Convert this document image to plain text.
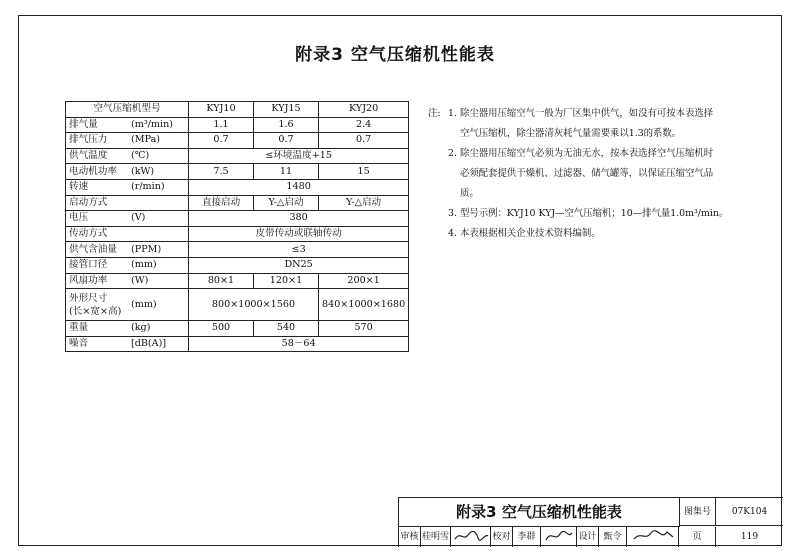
附录3 空气压缩机性能表
空气压缩机型号		KYJ10	KYJ15	KYJ20
排气量	(m³/min)	1.1	1.6	2.4
排气压力	(MPa)	0.7	0.7	0.7
供气温度	(℃)	≤环境温度+15		
电动机功率	(kW)	7.5	11	15
转速	(r/min)	1480		
启动方式		直接启动	Y-△启动	Y-△启动
电压	(V)	380		
传动方式		皮带传动或联轴传动		
供气含油量	(PPM)	≤3		
接管口径	(mm)	DN25		
风扇功率	(W)	80×1	120×1	200×1

外形尺寸
(长×宽×高)	(mm)	800×1000×1560		840×1000×1680
重量	(kg)	500	540	570
噪音	[dB(A)]	58－64		
注: 1. 除尘器用压缩空气一般为厂区集中供气，如没有可按本表选择
空气压缩机，除尘器清灰耗气量需要乘以1.3的系数。
2. 除尘器用压缩空气必须为无油无水，按本表选择空气压缩机时
必须配套提供干燥机、过滤器、储气罐等，以保证压缩空气品
质。
3. 型号示例：KYJ10 KYJ—空气压缩机；10—排气量1.0m³/min。
4. 本表根据相关企业技术资料编制。
附录3 空气压缩机性能表	图集号	07K104
审核 桂明雪	校对 李群	设计 甄令	页	119
